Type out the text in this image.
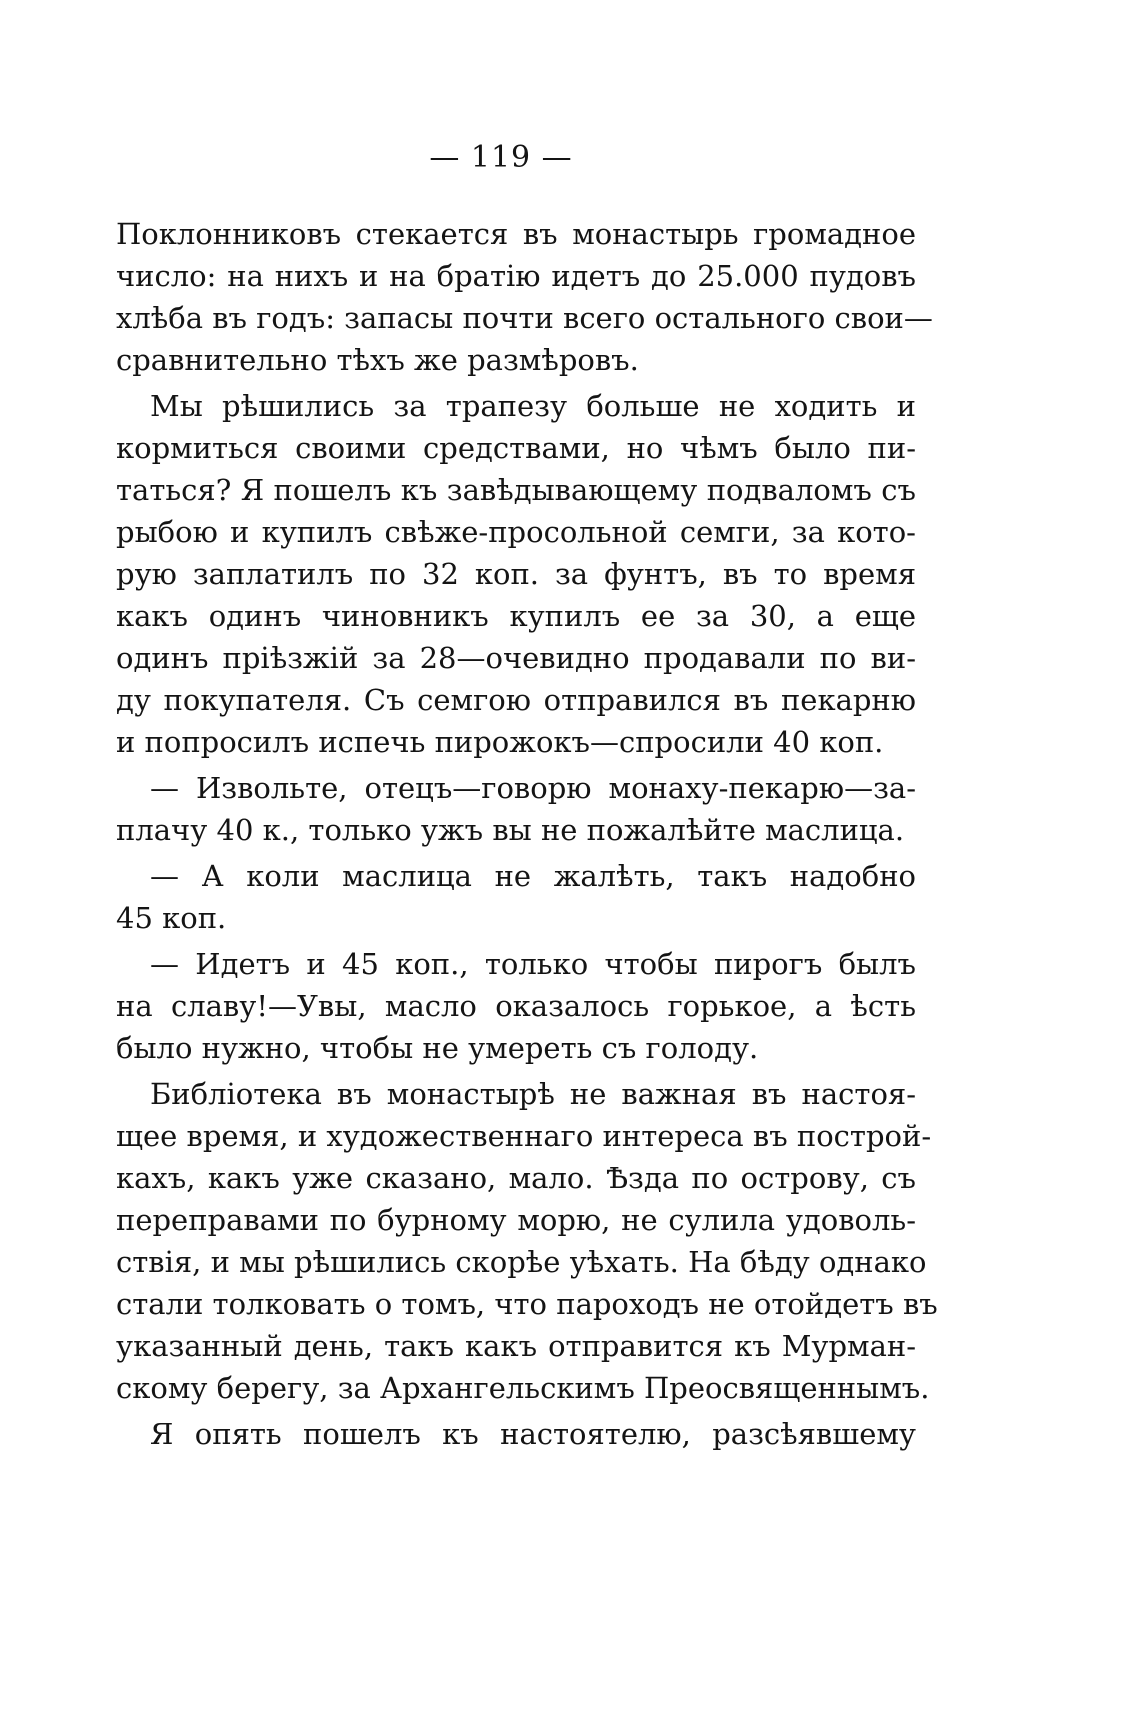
— 119 —
Поклонниковъ стекается въ монастырь громадное
число: на нихъ и на братію идетъ до 25.000 пудовъ
хлѣба въ годъ: запасы почти всего остального свои—
сравнительно тѣхъ же размѣровъ.
Мы рѣшились за трапезу больше не ходить и
кормиться своими средствами, но чѣмъ было пи-
таться? Я пошелъ къ завѣдывающему подваломъ съ
рыбою и купилъ свѣже-просольной семги, за кото-
рую заплатилъ по 32 коп. за фунтъ, въ то время
какъ одинъ чиновникъ купилъ ее за 30, а еще
одинъ пріѣзжій за 28—очевидно продавали по ви-
ду покупателя. Съ семгою отправился въ пекарню
и попросилъ испечь пирожокъ—спросили 40 коп.
— Извольте, отецъ—говорю монаху-пекарю—за-
плачу 40 к., только ужъ вы не пожалѣйте маслица.
— А коли маслица не жалѣть, такъ надобно
45 коп.
— Идетъ и 45 коп., только чтобы пирогъ былъ
на славу!—Увы, масло оказалось горькое, а ѣсть
было нужно, чтобы не умереть съ голоду.
Библіотека въ монастырѣ не важная въ настоя-
щее время, и художественнаго интереса въ построй-
кахъ, какъ уже сказано, мало. Ѣзда по острову, съ
переправами по бурному морю, не сулила удоволь-
ствія, и мы рѣшились скорѣе уѣхать. На бѣду однако
стали толковать о томъ, что пароходъ не отойдетъ въ
указанный день, такъ какъ отправится къ Мурман-
скому берегу, за Архангельскимъ Преосвященнымъ.
Я опять пошелъ къ настоятелю, разсѣявшему
